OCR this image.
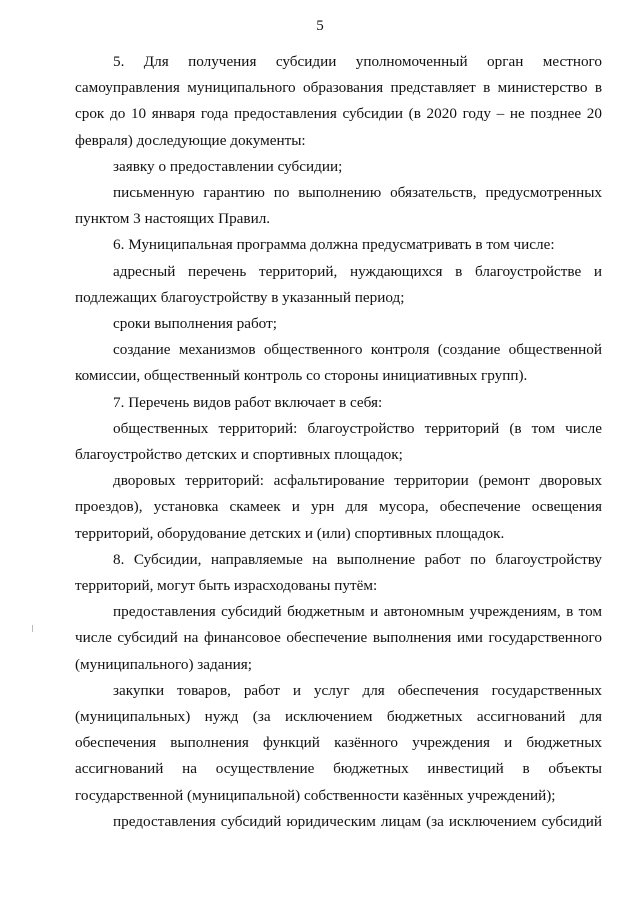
5

5. Для получения субсидии уполномоченный орган местного самоуправления муниципального образования представляет в министерство в срок до 10 января года предоставления субсидии (в 2020 году – не позднее 20 февраля) доследующие документы:

заявку о предоставлении субсидии;

письменную гарантию по выполнению обязательств, предусмотренных пунктом 3 настоящих Правил.

6. Муниципальная программа должна предусматривать в том числе:

адресный перечень территорий, нуждающихся в благоустройстве и подлежащих благоустройству в указанный период;

сроки выполнения работ;

создание механизмов общественного контроля (создание общественной комиссии, общественный контроль со стороны инициативных групп).

7. Перечень видов работ включает в себя:

общественных территорий: благоустройство территорий (в том числе благоустройство детских и спортивных площадок;

дворовых территорий: асфальтирование территории (ремонт дворовых проездов), установка скамеек и урн для мусора, обеспечение освещения территорий, оборудование детских и (или) спортивных площадок.

8. Субсидии, направляемые на выполнение работ по благоустройству территорий, могут быть израсходованы путём:

предоставления субсидий бюджетным и автономным учреждениям, в том числе субсидий на финансовое обеспечение выполнения ими государственного (муниципального) задания;

закупки товаров, работ и услуг для обеспечения государственных (муниципальных) нужд (за исключением бюджетных ассигнований для обеспечения выполнения функций казённого учреждения и бюджетных ассигнований на осуществление бюджетных инвестиций в объекты государственной (муниципальной) собственности казённых учреждений);

предоставления субсидий юридическим лицам (за исключением субсидий
